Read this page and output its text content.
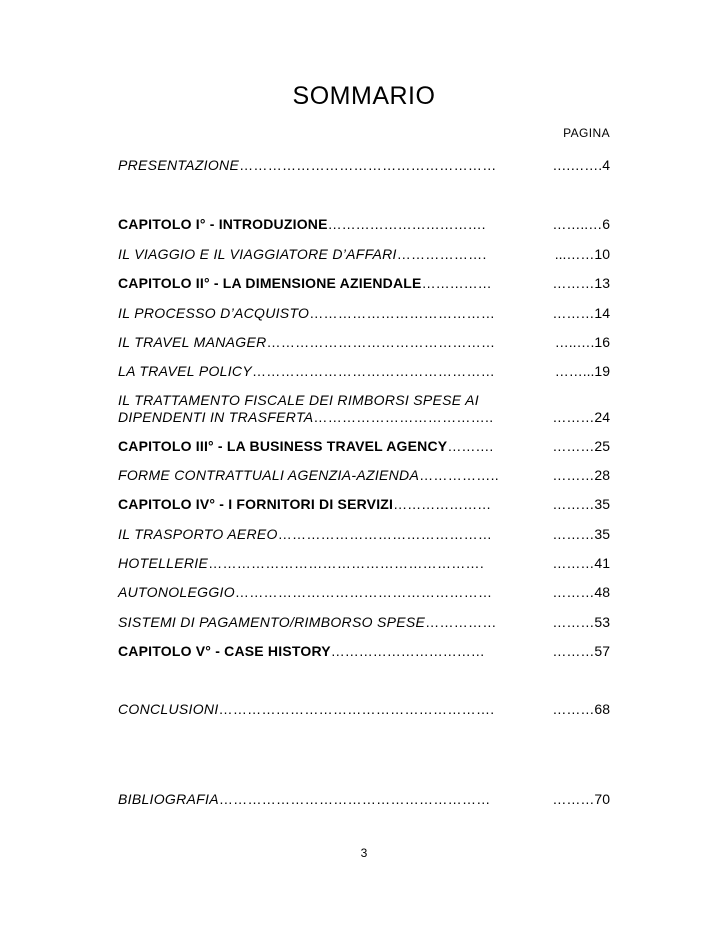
SOMMARIO
PAGINA
PRESENTAZIONE………………………………………………	….…….4
CAPITOLO I° - INTRODUZIONE…………………………….	……..…6
IL VIAGGIO E IL VIAGGIATORE D’AFFARI……………….	...……10
CAPITOLO II° - LA DIMENSIONE AZIENDALE……………	………13
IL PROCESSO D’ACQUISTO…………………………………	………14
IL TRAVEL MANAGER…………………………………………	…..….16
LA TRAVEL POLICY……………………………………………	……...19
IL TRATTAMENTO FISCALE DEI RIMBORSI SPESE AI
DIPENDENTI IN TRASFERTA………………………………..	………24
CAPITOLO III° - LA BUSINESS TRAVEL AGENCY……….	………25
FORME CONTRATTUALI AGENZIA-AZIENDA……………..	………28
CAPITOLO IV° - I FORNITORI DI SERVIZI…………………	………35
IL TRASPORTO AEREO………………………………………	………35
HOTELLERIE………………………………………………….	………41
AUTONOLEGGIO………………………………………………	………48
SISTEMI DI PAGAMENTO/RIMBORSO SPESE……………	………53
CAPITOLO V° - CASE HISTORY……………………………	………57
CONCLUSIONI………………………………………………….	………68
BIBLIOGRAFIA…………………………………………………	………70
3
